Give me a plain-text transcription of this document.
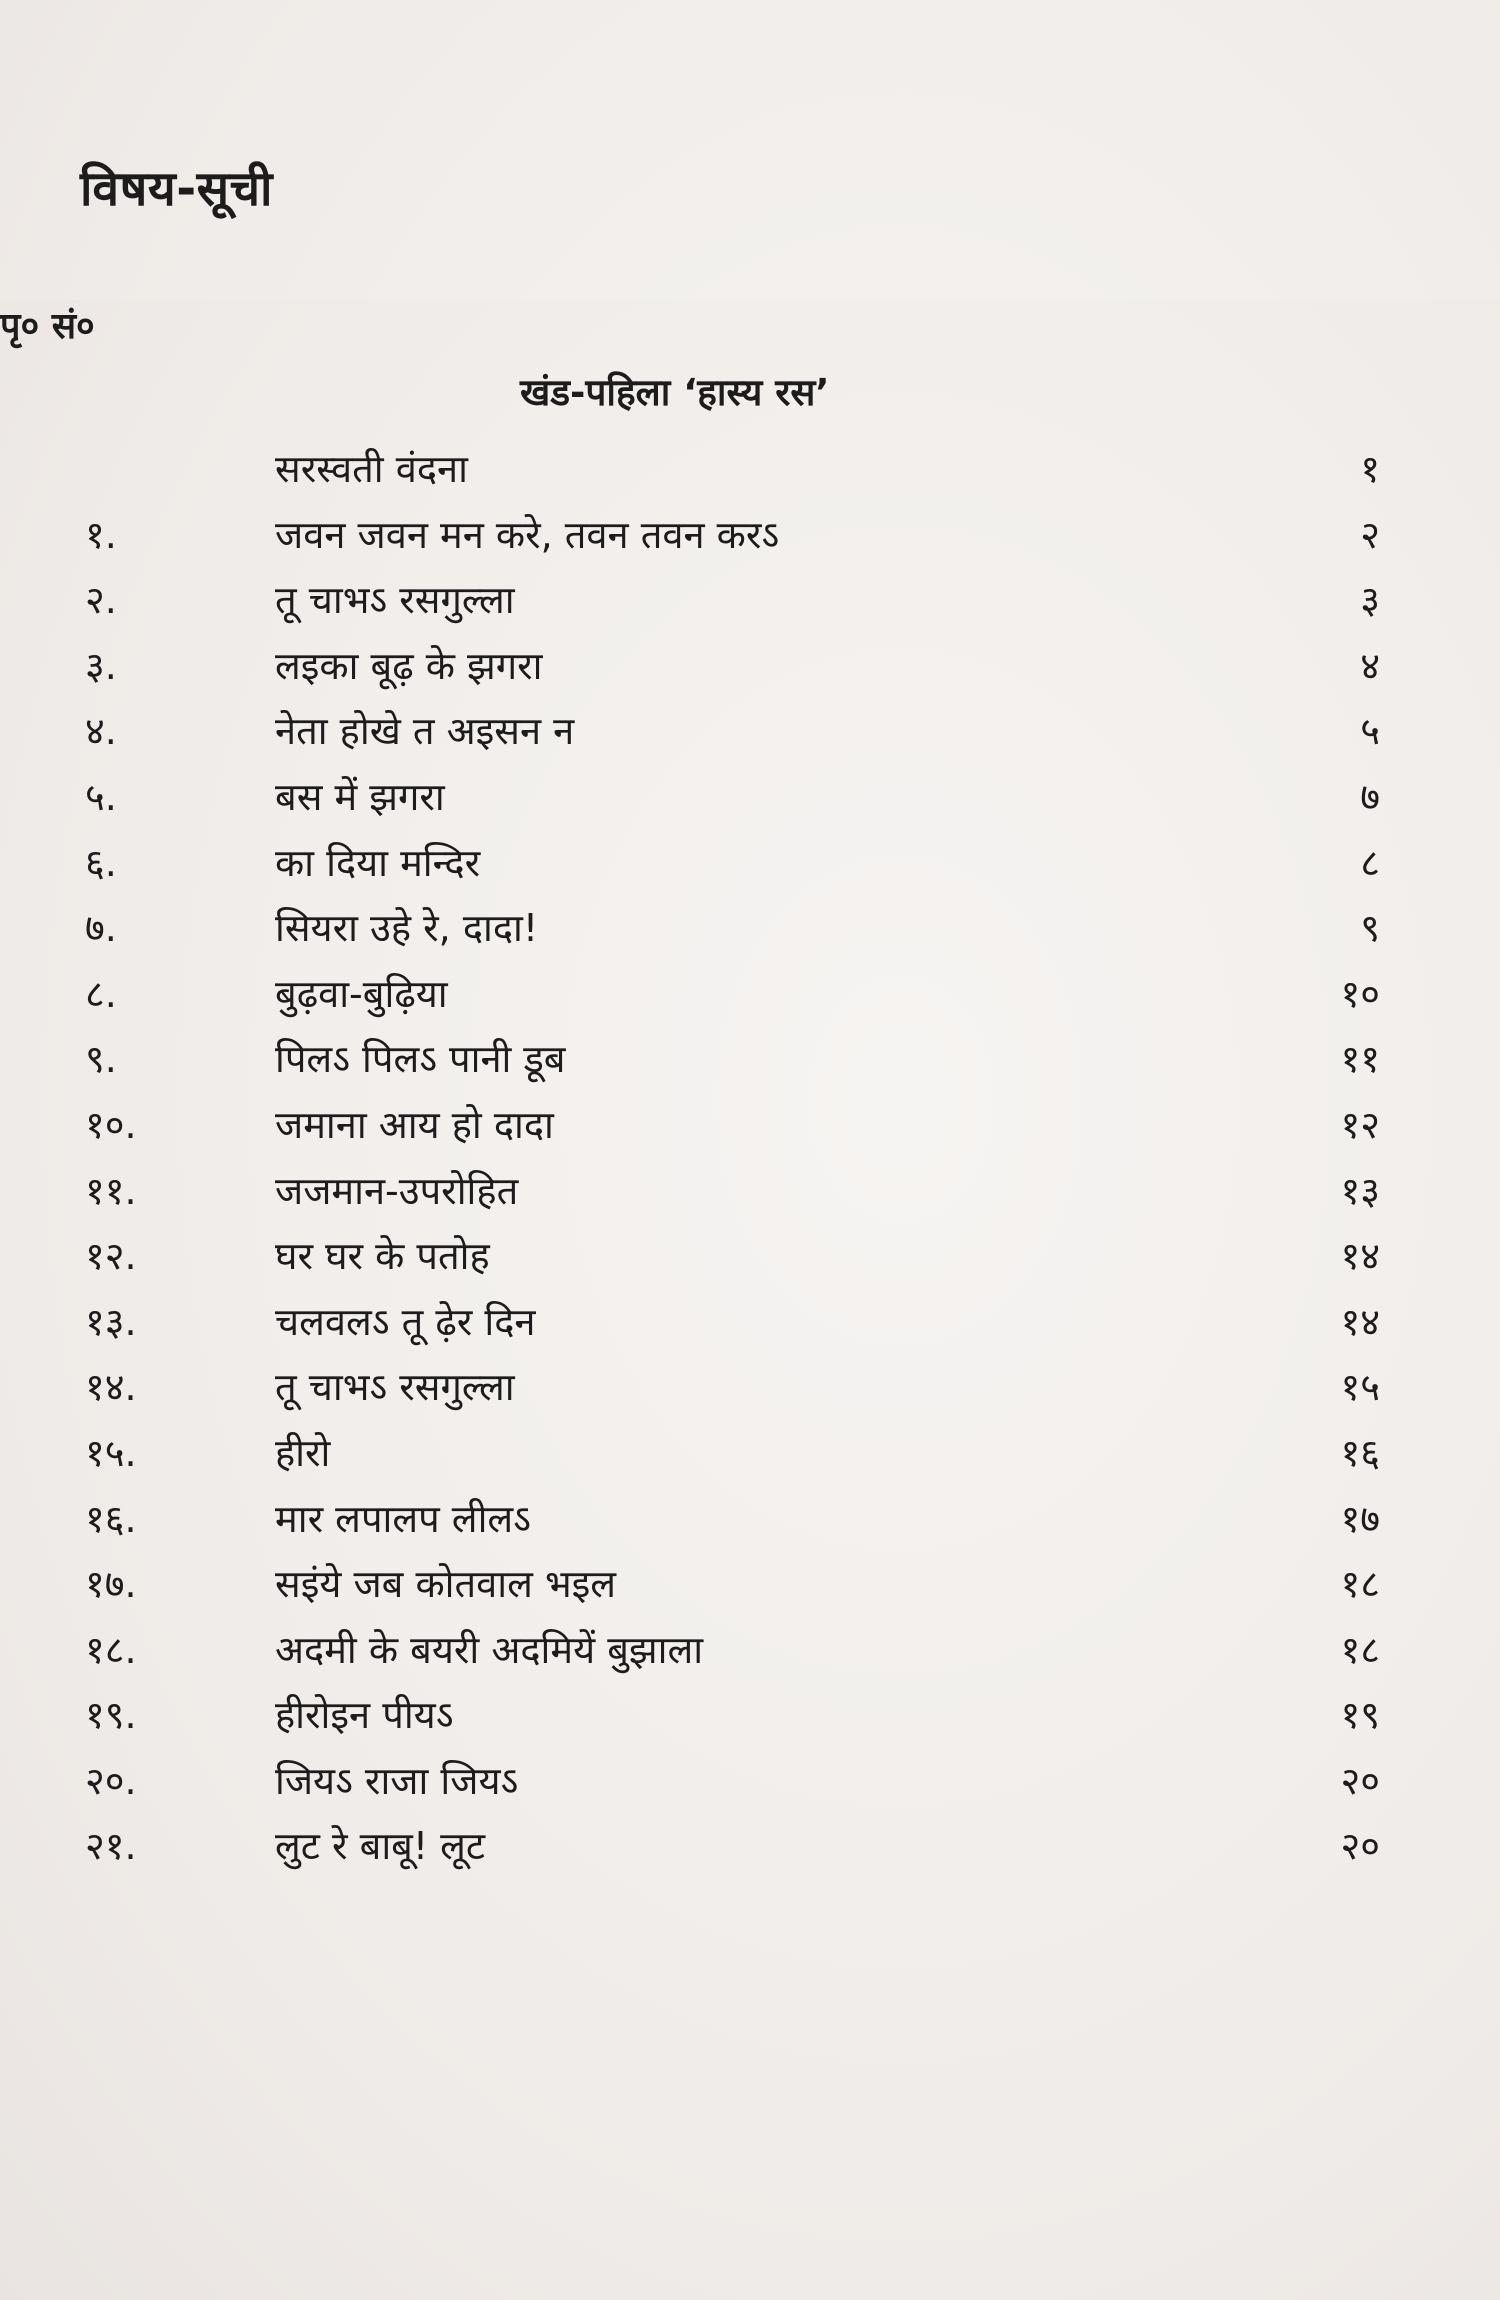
विषय-सूची
पृ० सं०
खंड-पहिला ‘हास्य रस’
सरस्वती वंदना	१
१.	जवन जवन मन करे, तवन तवन करऽ	२
२.	तू चाभऽ रसगुल्ला	३
३.	लइका बूढ़ के झगरा	४
४.	नेता होखे त अइसन न	५
५.	बस में झगरा	७
६.	का दिया मन्दिर	८
७.	सियरा उहे रे, दादा!	९
८.	बुढ़वा-बुढ़िया	१०
९.	पिलऽ पिलऽ पानी डूब	११
१०.	जमाना आय हो दादा	१२
११.	जजमान-उपरोहित	१३
१२.	घर घर के पतोह	१४
१३.	चलवलऽ तू ढ़ेर दिन	१४
१४.	तू चाभऽ रसगुल्ला	१५
१५.	हीरो	१६
१६.	मार लपालप लीलऽ	१७
१७.	सइंये जब कोतवाल भइल	१८
१८.	अदमी के बयरी अदमियें बुझाला	१८
१९.	हीरोइन पीयऽ	१९
२०.	जियऽ राजा जियऽ	२०
२१.	लुट रे बाबू! लूट	२०
